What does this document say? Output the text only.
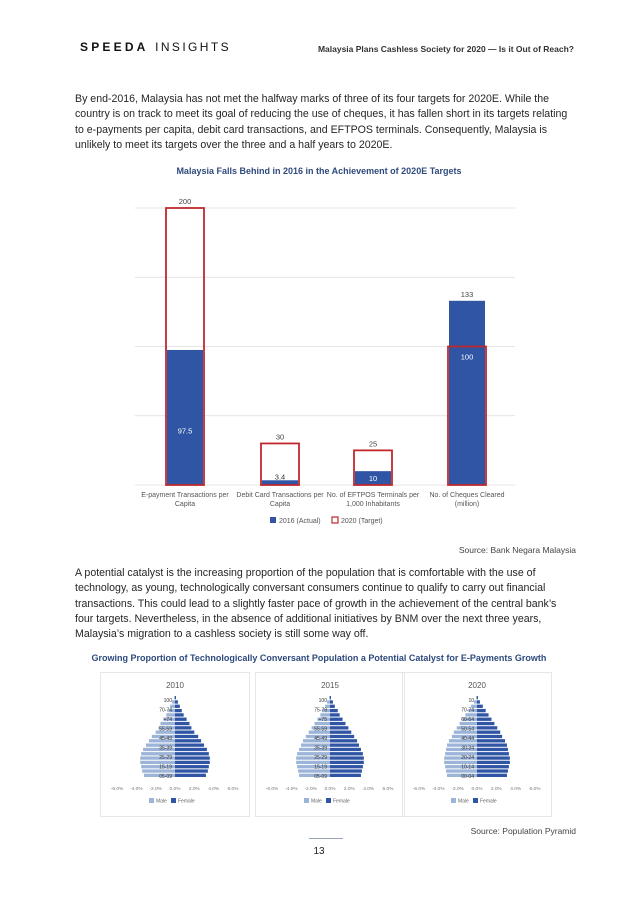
SPEEDA INSIGHTS	Malaysia Plans Cashless Society for 2020 — Is it Out of Reach?

By end-2016, Malaysia has not met the halfway marks of three of its four targets for 2020E. While the country is on track to meet its goal of reducing the use of cheques, it has fallen short in its targets relating to e-payments per capita, debit card transactions, and EFTPOS terminals. Consequently, Malaysia is unlikely to meet its targets over the three and a half years to 2020E.

Malaysia Falls Behind in 2016 in the Achievement of 2020E Targets
200
97.5
E-payment Transactions per
Capita
30
3.4
Debit Card Transactions per
Capita
25
10
No. of EFTPOS Terminals per
1,000 Inhabitants
133
100
No. of Cheques Cleared
(million)
2016 (Actual)	2020 (Target)
Source: Bank Negara Malaysia

A potential catalyst is the increasing proportion of the population that is comfortable with the use of technology, as young, technologically conversant consumers continue to qualify to carry out financial transactions. This could lead to a slightly faster pace of growth in the achievement of the central bank’s four targets. Nevertheless, in the absence of additional initiatives by BNM over the next three years, Malaysia’s migration to a cashless society is still some way off.

Growing Proportion of Technologically Conversant Population a Potential Catalyst for E-Payments Growth
2010
100
70-74
+74
55-59
45-49
35-39
25-29
15-19
05-09
-6.0% -4.0% -2.0% 0.0% 2.0% 4.0% 6.0%
Male Female
2015
100
75-79
+75
55-59
45-49
35-39
25-29
15-19
05-09
-6.0% -4.0% -2.0% 0.0% 2.0% 4.0% 6.0%
Male Female
2020
10
70-74
60-64
50-54
40-44
30-34
20-24
10-14
00-04
-6.0% -4.0% -2.0% 0.0% 2.0% 4.0% 6.0%
Male Female
Source: Population Pyramid
13
